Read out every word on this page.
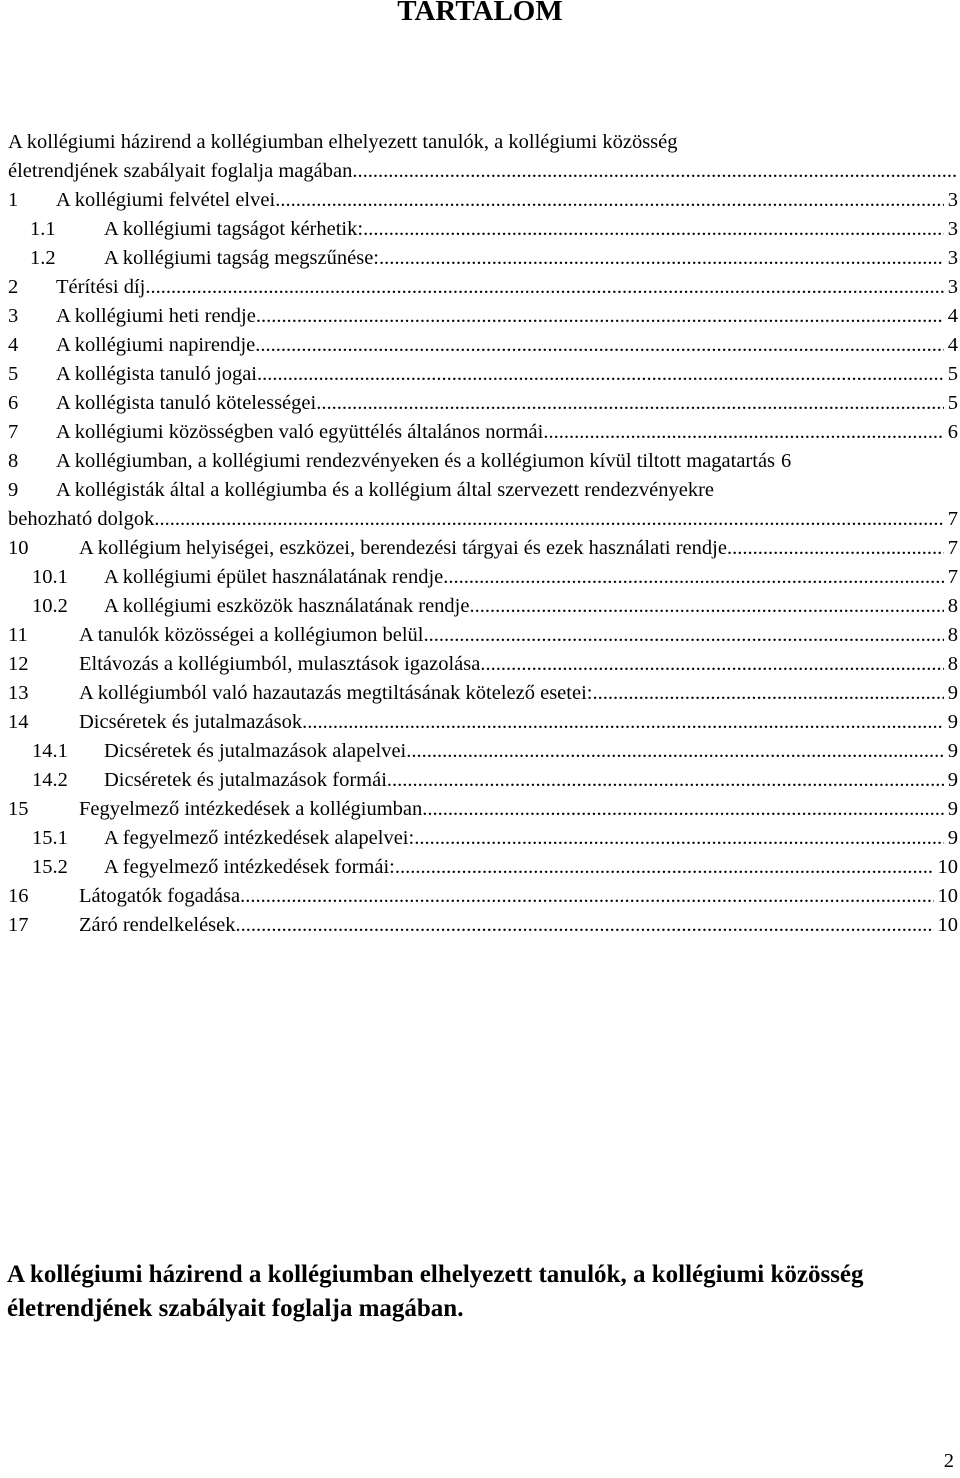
TARTALOM
A kollégiumi házirend a kollégiumban elhelyezett tanulók, a kollégiumi közösség
életrendjének szabályait foglalja magában.
.....
1 A kollégiumi felvétel elvei .....	3
1.1 A kollégiumi tagságot kérhetik: .....	3
1.2 A kollégiumi tagság megszűnése: .....	3
2 Térítési díj .....	3
3 A kollégiumi heti rendje .....	4
4 A kollégiumi napirendje .....	4
5 A kollégista tanuló jogai .....	5
6 A kollégista tanuló kötelességei .....	5
7 A kollégiumi közösségben való együttélés általános normái .....	6
8 A kollégiumban, a kollégiumi rendezvényeken és a kollégiumon kívül tiltott magatartás 6
9 A kollégisták által a kollégiumba és a kollégium által szervezett rendezvényekre
behozható dolgok .....	7
10 A kollégium helyiségei, eszközei, berendezési tárgyai és ezek használati rendje .....	7
10.1 A kollégiumi épület használatának rendje .....	7
10.2 A kollégiumi eszközök használatának rendje .....	8
11	A tanulók közösségei a kollégiumon belül .....	8
12 Eltávozás a kollégiumból, mulasztások igazolása .....	8
13 A kollégiumból való hazautazás megtiltásának kötelező esetei: .....	9
14 Dicséretek és jutalmazások .....	9
14.1 Dicséretek és jutalmazások alapelvei .....	9
14.2 Dicséretek és jutalmazások formái .....	9
15 Fegyelmező intézkedések a kollégiumban .....	9
15.1 A fegyelmező intézkedések alapelvei: .....	9
15.2 A fegyelmező intézkedések formái: .....	10
16 Látogatók fogadása .....	10
17 Záró rendelkelések .....	10
A kollégiumi házirend a kollégiumban elhelyezett tanulók, a kollégiumi közösség életrendjének szabályait foglalja magában.
2
